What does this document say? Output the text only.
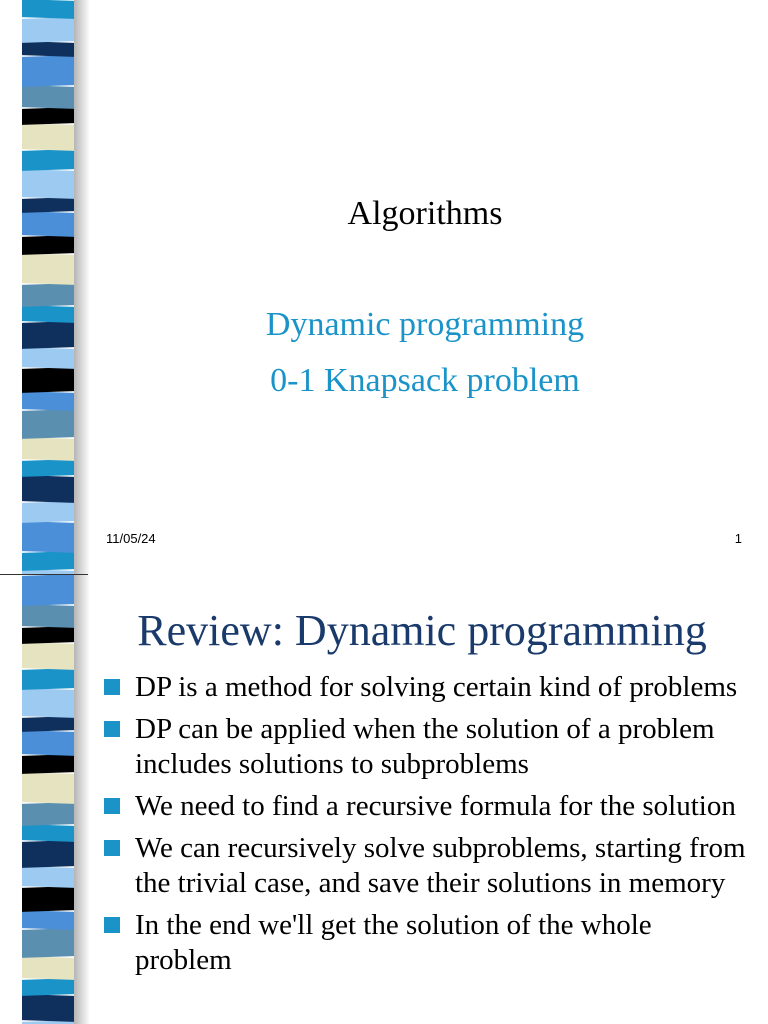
Algorithms
Dynamic programming
0-1 Knapsack problem
11/05/24	1
Review: Dynamic programming
DP is a method for solving certain kind of problems
DP can be applied when the solution of a problem includes solutions to subproblems
We need to find a recursive formula for the solution
We can recursively solve subproblems, starting from the trivial case, and save their solutions in memory
In the end we'll get the solution of the whole problem
